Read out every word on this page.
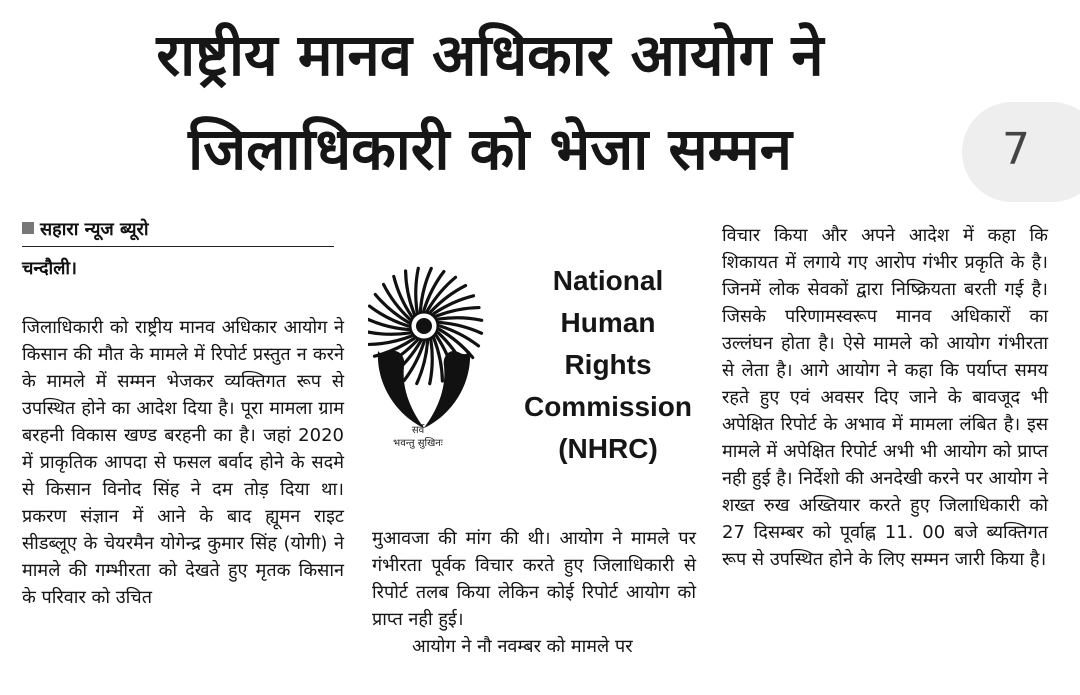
राष्ट्रीय मानव अधिकार आयोग ने
जिलाधिकारी को भेजा सम्मन	7
सहारा न्यूज ब्यूरो
चन्दौली।

जिलाधिकारी को राष्ट्रीय मानव अधिकार आयोग ने किसान की मौत के मामले में रिपोर्ट प्रस्तुत न करने के मामले में सम्मन भेजकर व्यक्तिगत रूप से उपस्थित होने का आदेश दिया है। पूरा मामला ग्राम बरहनी विकास खण्ड बरहनी का है। जहां 2020 में प्राकृतिक आपदा से फसल बर्वाद होने के सदमे से किसान विनोद सिंह ने दम तोड़ दिया था। प्रकरण संज्ञान में आने के बाद ह्यूमन राइट सीडब्लूए के चेयरमैन योगेन्द्र कुमार सिंह (योगी) ने मामले की गम्भीरता को देखते हुए मृतक किसान के परिवार को उचित

सर्वे
भवन्तु सुखिनः
National
Human
Rights
Commission
(NHRC)

मुआवजा की मांग की थी। आयोग ने मामले पर गंभीरता पूर्वक विचार करते हुए जिलाधिकारी से रिपोर्ट तलब किया लेकिन कोई रिपोर्ट आयोग को प्राप्त नही हुई।

आयोग ने नौ नवम्बर को मामले पर

विचार किया और अपने आदेश में कहा कि शिकायत में लगाये गए आरोप गंभीर प्रकृति के है। जिनमें लोक सेवकों द्वारा निष्क्रियता बरती गई है। जिसके परिणामस्वरूप मानव अधिकारों का उल्लंघन होता है। ऐसे मामले को आयोग गंभीरता से लेता है। आगे आयोग ने कहा कि पर्याप्त समय रहते हुए एवं अवसर दिए जाने के बावजूद भी अपेक्षित रिपोर्ट के अभाव में मामला लंबित है। इस मामले में अपेक्षित रिपोर्ट अभी भी आयोग को प्राप्त नही हुई है। निर्देशो की अनदेखी करने पर आयोग ने शख्त रुख अख्तियार करते हुए जिलाधिकारी को 27 दिसम्बर को पूर्वाह्न 11. 00 बजे ब्यक्तिगत रूप से उपस्थित होने के लिए सम्मन जारी किया है।
